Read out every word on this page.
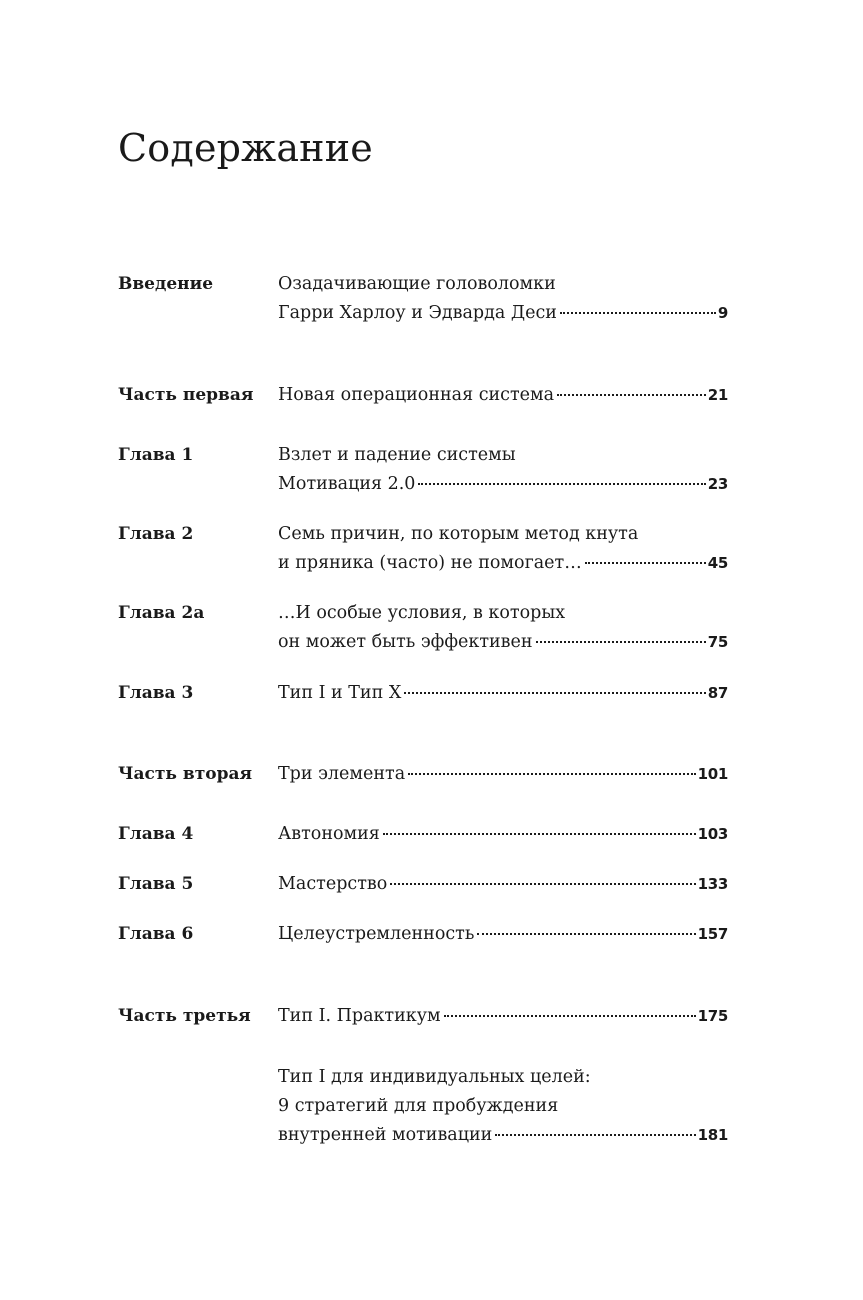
Содержание
Введение	Озадачивающие головоломки
Гарри Харлоу и Эдварда Деси	9
Часть первая Новая операционная система	21
Глава 1	Взлет и падение системы
Мотивация 2.0	23
Глава 2	Семь причин, по которым метод кнута
и пряника (часто) не помогает…	45
Глава 2а	…И особые условия, в которых
он может быть эффективен	75
Глава 3	Тип I и Тип X	87
Часть вторая Три элемента	101
Глава 4	Автономия	103
Глава 5	Мастерство	133
Глава 6	Целеустремленность	157
Часть третья Тип I. Практикум	175
Тип I для индивидуальных целей:
9 стратегий для пробуждения
внутренней мотивации	181
